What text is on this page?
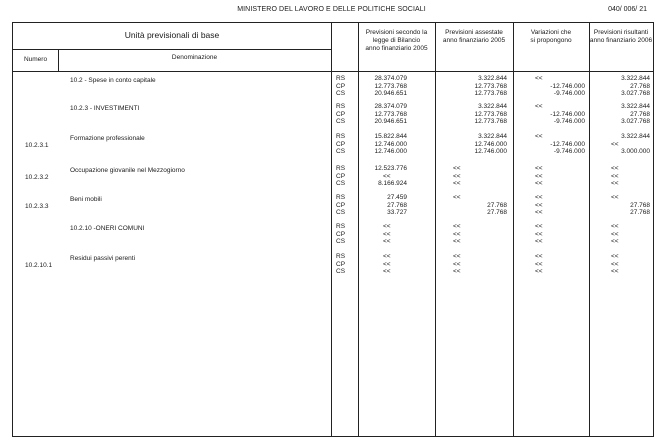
MINISTERO DEL LAVORO E DELLE POLITICHE SOCIALI	040/ 006/ 21
Unità previsionali di base
Numero	Denominazione
Previsioni secondo la
legge di Bilancio
anno finanziario 2005
Previsioni assestate
anno finanziario 2005
Variazioni che
si propongono
Previsioni risultanti
anno finanziario 2006
10.2 - Spese in conto capitale	RS	28.374.079	3.322.844	<<	3.322.844
CP	12.773.768	12.773.768	-12.746.000	27.768
CS	20.946.651	12.773.768	-9.746.000	3.027.768
10.2.3 - INVESTIMENTI	RS	28.374.079	3.322.844	<<	3.322.844
CP	12.773.768	12.773.768	-12.746.000	27.768
CS	20.946.651	12.773.768	-9.746.000	3.027.768
10.2.3.1
Formazione professionale	RS	15.822.844	3.322.844	<<	3.322.844
CP	12.746.000	12.746.000	-12.746.000	<<
CS	12.746.000	12.746.000	-9.746.000	3.000.000
10.2.3.2
Occupazione giovanile nel Mezzogiorno	RS	12.523.776	<<	<<	<<
CP	<<	<<	<<	<<
CS	8.166.924	<<	<<	<<
10.2.3.3
Beni mobili	RS	27.459	<<	<<	<<
CP	27.768	27.768	<<	27.768
CS	33.727	27.768	<<	27.768
10.2.10 -ONERI COMUNI	RS	<<	<<	<<	<<
CP	<<	<<	<<	<<
CS	<<	<<	<<	<<
10.2.10.1
Residui passivi perenti	RS	<<	<<	<<	<<
CP	<<	<<	<<	<<
CS	<<	<<	<<	<<
